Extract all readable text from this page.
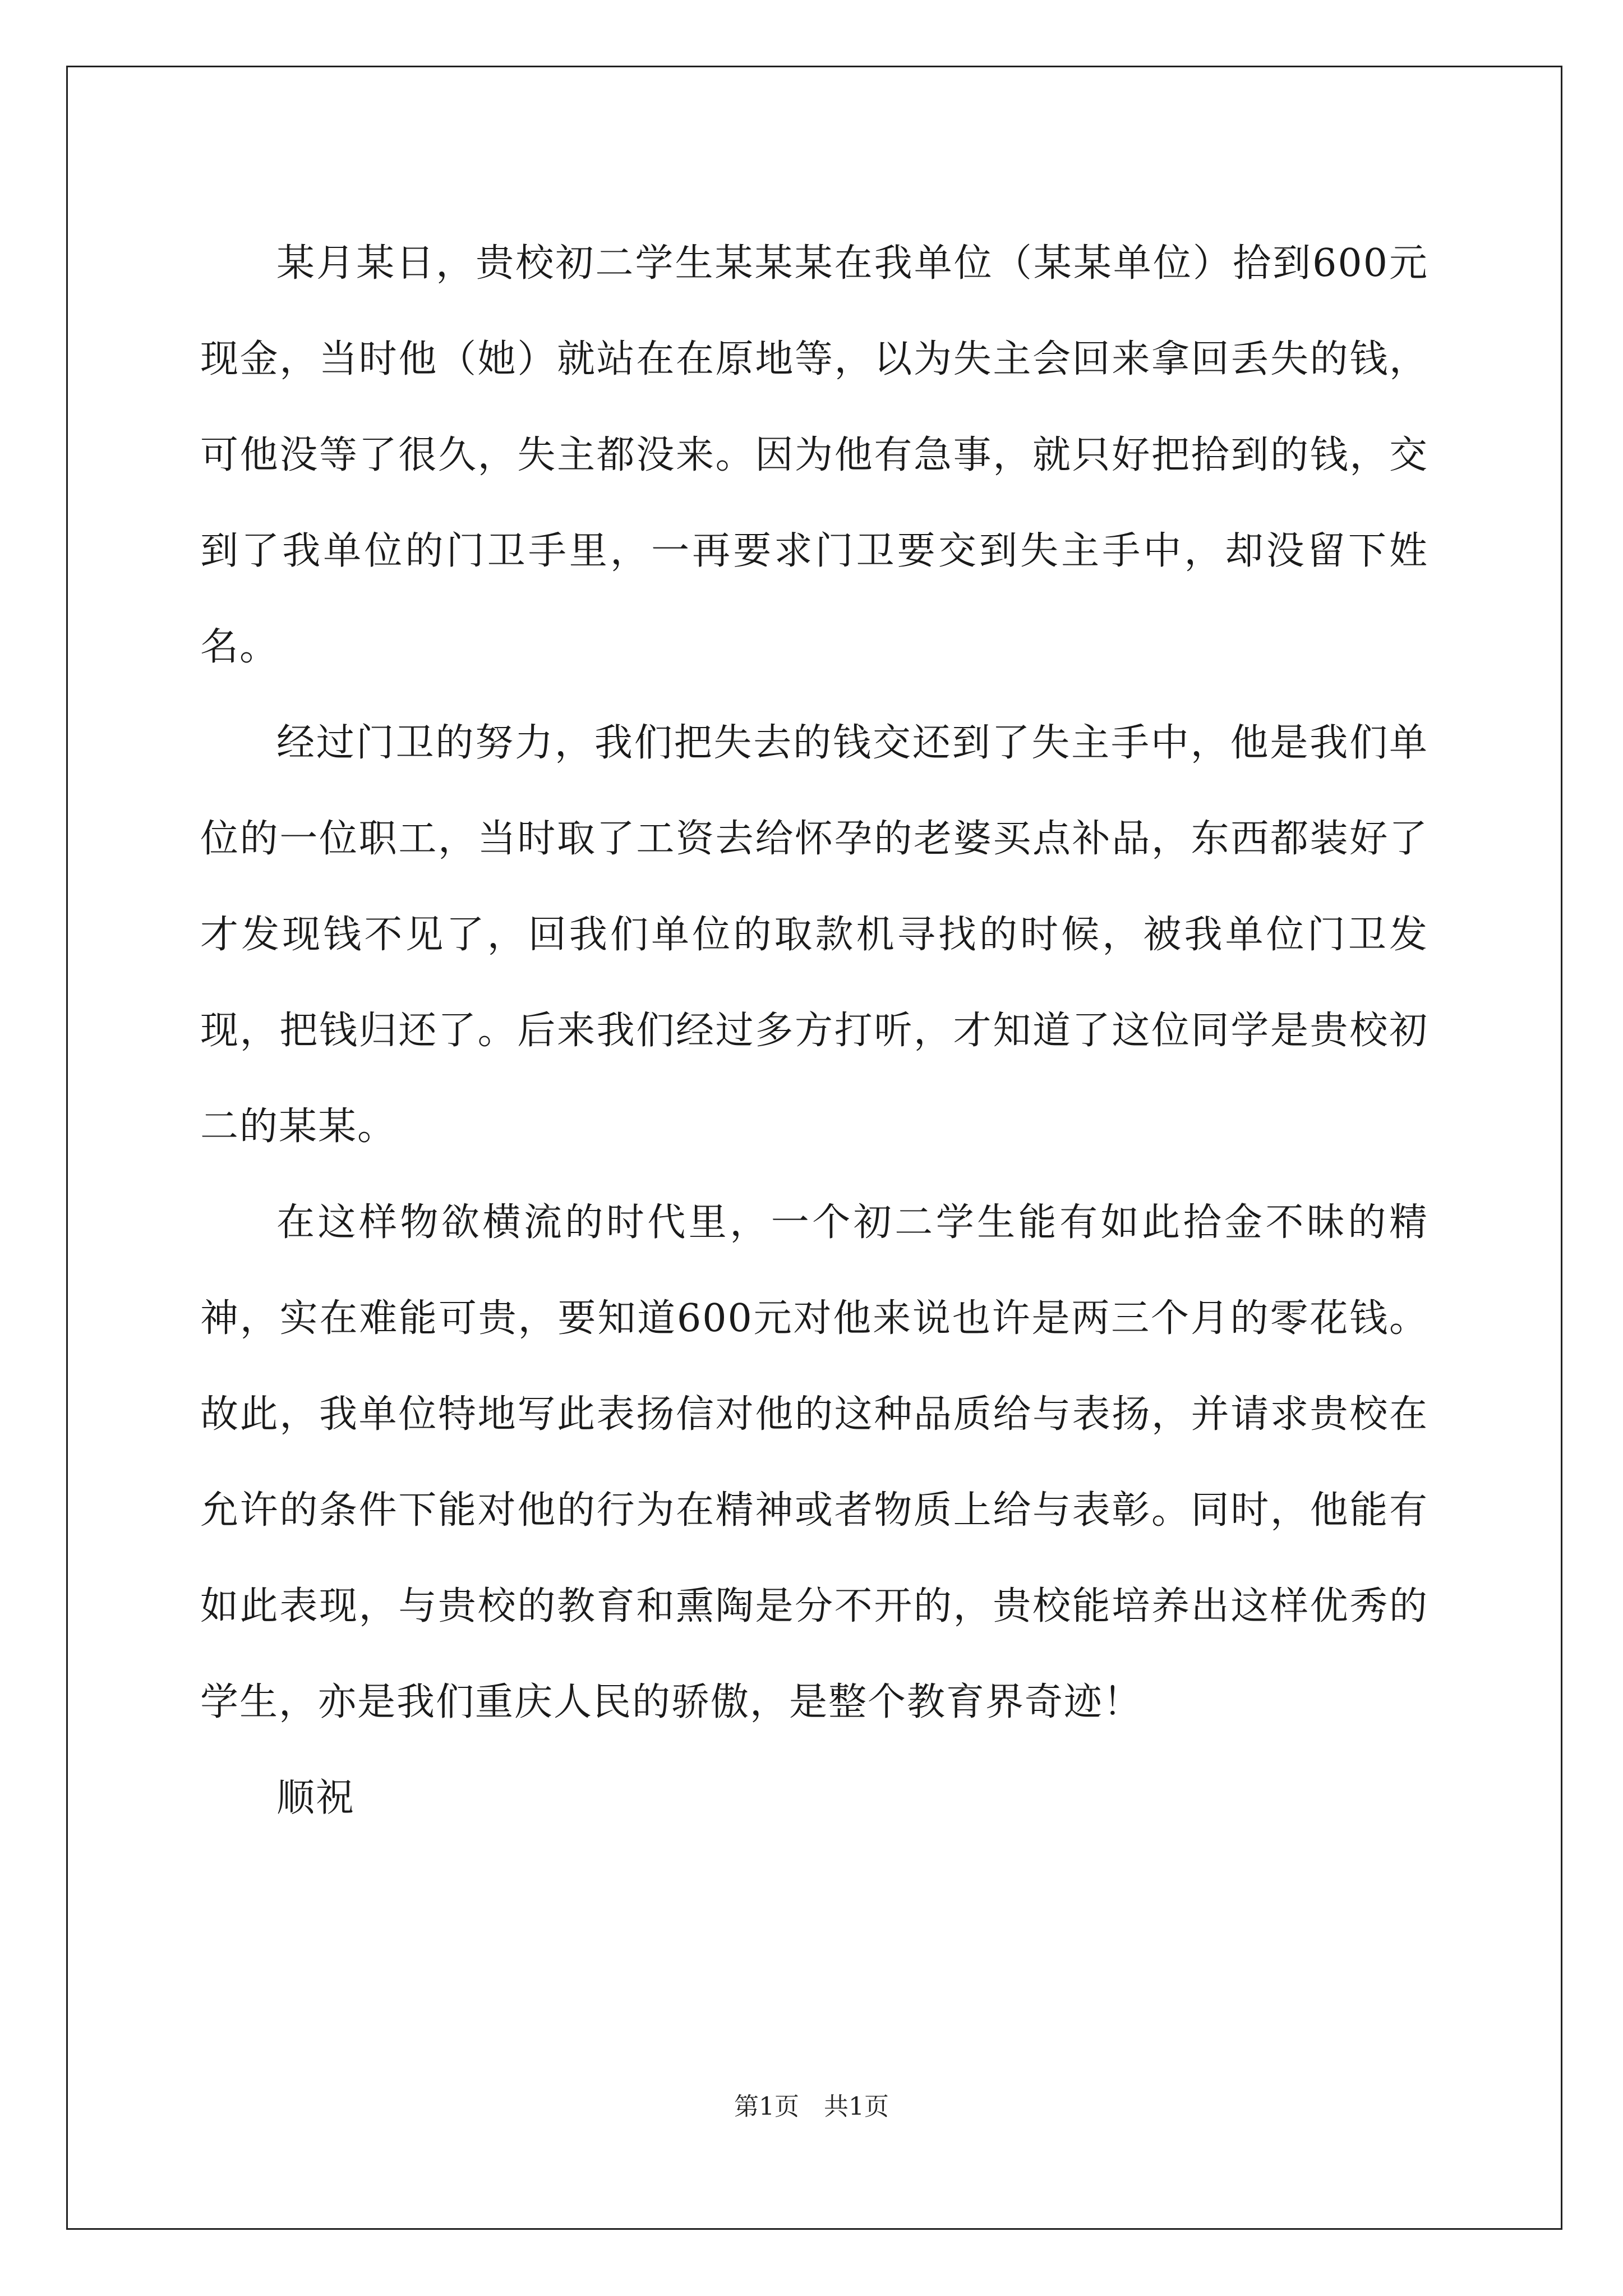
某月某日，贵校初二学生某某某在我单位（某某单位）拾到600元现金，当时他（她）就站在在原地等，以为失主会回来拿回丢失的钱，可他没等了很久，失主都没来。因为他有急事，就只好把拾到的钱，交到了我单位的门卫手里，一再要求门卫要交到失主手中，却没留下姓名。

经过门卫的努力，我们把失去的钱交还到了失主手中，他是我们单位的一位职工，当时取了工资去给怀孕的老婆买点补品，东西都装好了才发现钱不见了，回我们单位的取款机寻找的时候，被我单位门卫发现，把钱归还了。后来我们经过多方打听，才知道了这位同学是贵校初二的某某。

在这样物欲横流的时代里，一个初二学生能有如此拾金不昧的精神，实在难能可贵，要知道600元对他来说也许是两三个月的零花钱。故此，我单位特地写此表扬信对他的这种品质给与表扬，并请求贵校在允许的条件下能对他的行为在精神或者物质上给与表彰。同时，他能有如此表现，与贵校的教育和熏陶是分不开的，贵校能培养出这样优秀的学生，亦是我们重庆人民的骄傲，是整个教育界奇迹！

顺祝

第1页 共1页
